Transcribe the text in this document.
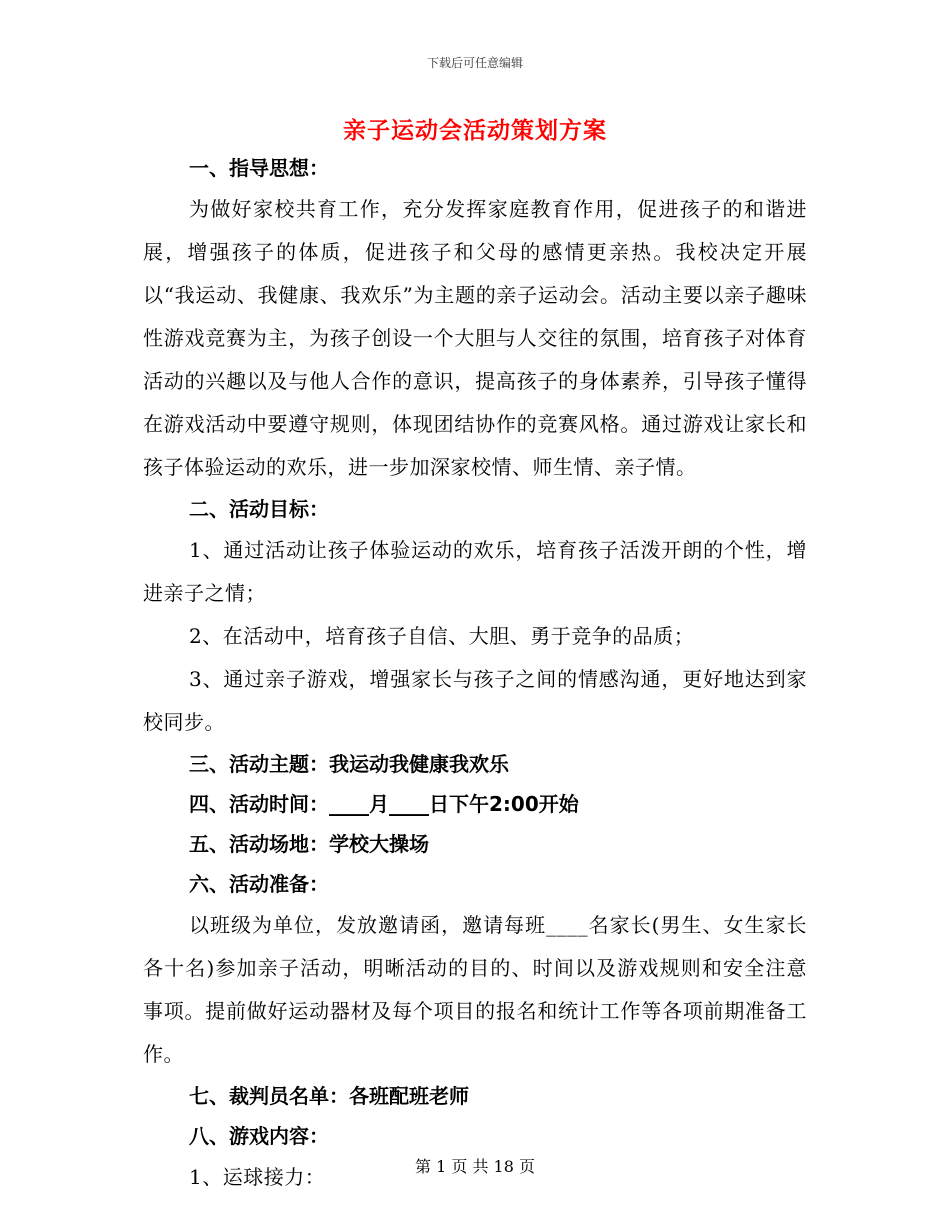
下载后可任意编辑
亲子运动会活动策划方案
一、指导思想：
为做好家校共育工作，充分发挥家庭教育作用，促进孩子的和谐进展，增强孩子的体质，促进孩子和父母的感情更亲热。我校决定开展以“我运动、我健康、我欢乐”为主题的亲子运动会。活动主要以亲子趣味性游戏竞赛为主，为孩子创设一个大胆与人交往的氛围，培育孩子对体育活动的兴趣以及与他人合作的意识，提高孩子的身体素养，引导孩子懂得在游戏活动中要遵守规则，体现团结协作的竞赛风格。通过游戏让家长和孩子体验运动的欢乐，进一步加深家校情、师生情、亲子情。
二、活动目标：
1、通过活动让孩子体验运动的欢乐，培育孩子活泼开朗的个性，增进亲子之情；
2、在活动中，培育孩子自信、大胆、勇于竞争的品质；
3、通过亲子游戏，增强家长与孩子之间的情感沟通，更好地达到家校同步。
三、活动主题：我运动我健康我欢乐
四、活动时间：____月____日下午2:00开始
五、活动场地：学校大操场
六、活动准备：
以班级为单位，发放邀请函，邀请每班____名家长(男生、女生家长各十名)参加亲子活动，明晰活动的目的、时间以及游戏规则和安全注意事项。提前做好运动器材及每个项目的报名和统计工作等各项前期准备工作。
七、裁判员名单：各班配班老师
八、游戏内容：
1、运球接力：	第 1 页 共 18 页
